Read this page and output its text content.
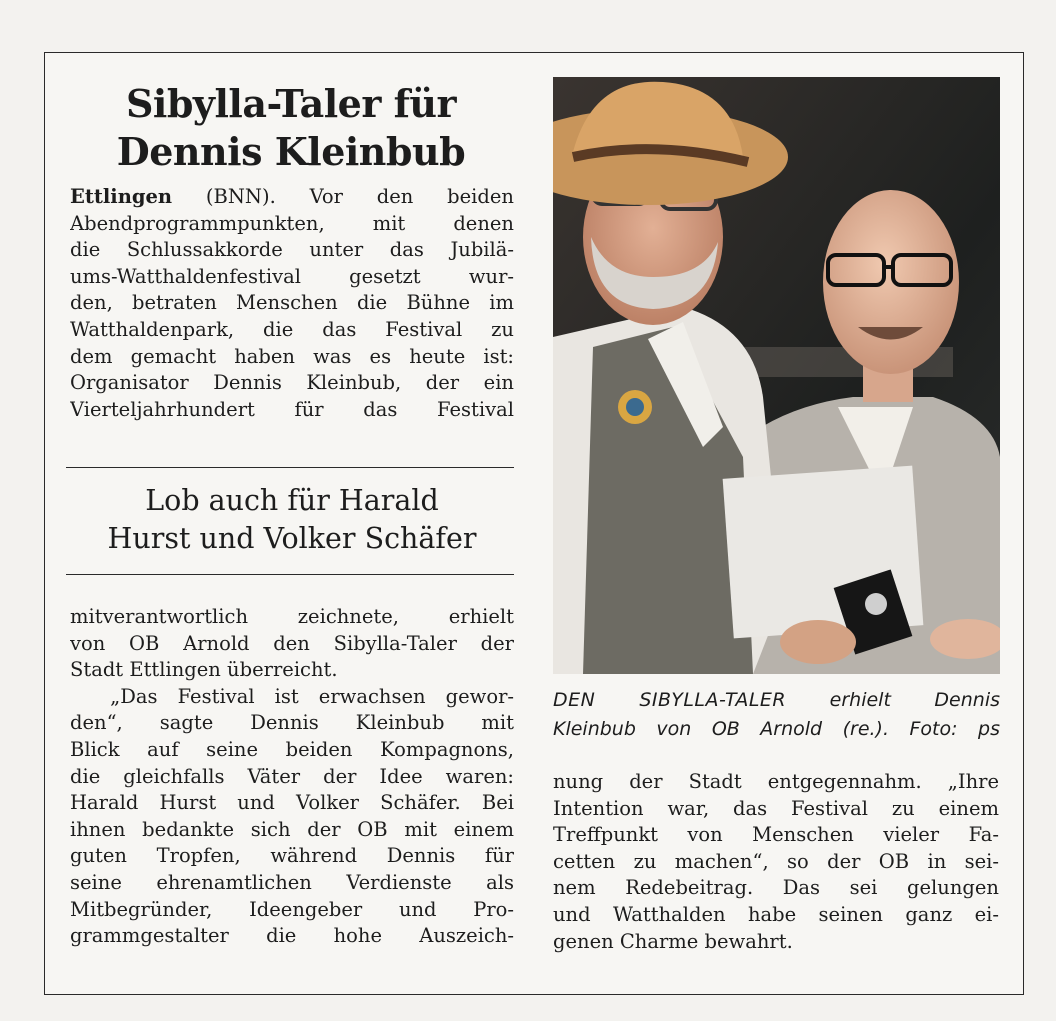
Sibylla-Taler für
Dennis Kleinbub
Ettlingen (BNN). Vor den beiden
Abendprogrammpunkten, mit denen
die Schlussakkorde unter das Jubilä-
ums-Watthaldenfestival gesetzt wur-
den, betraten Menschen die Bühne im
Watthaldenpark, die das Festival zu
dem gemacht haben was es heute ist:
Organisator Dennis Kleinbub, der ein
Vierteljahrhundert für das Festival
Lob auch für Harald
Hurst und Volker Schäfer
mitverantwortlich zeichnete, erhielt
von OB Arnold den Sibylla-Taler der
Stadt Ettlingen überreicht.
„Das Festival ist erwachsen gewor-
den“, sagte Dennis Kleinbub mit
Blick auf seine beiden Kompagnons,
die gleichfalls Väter der Idee waren:
Harald Hurst und Volker Schäfer. Bei
ihnen bedankte sich der OB mit einem
guten Tropfen, während Dennis für
seine ehrenamtlichen Verdienste als
Mitbegründer, Ideengeber und Pro-
grammgestalter die hohe Auszeich-
DEN SIBYLLA-TALER erhielt Dennis
Kleinbub von OB Arnold (re.). Foto: ps
nung der Stadt entgegennahm. „Ihre
Intention war, das Festival zu einem
Treffpunkt von Menschen vieler Fa-
cetten zu machen“, so der OB in sei-
nem Redebeitrag. Das sei gelungen
und Watthalden habe seinen ganz ei-
genen Charme bewahrt.
